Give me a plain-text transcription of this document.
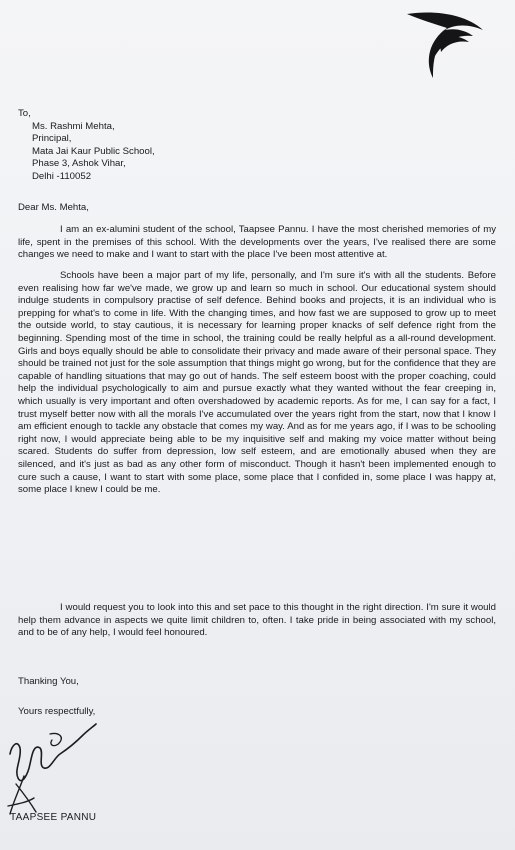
To,
Ms. Rashmi Mehta,
Principal,
Mata Jai Kaur Public School,
Phase 3, Ashok Vihar,
Delhi -110052
Dear Ms. Mehta,

I am an ex-alumini student of the school, Taapsee Pannu. I have the most cherished memories of my life, spent in the premises of this school. With the developments over the years, I've realised there are some changes we need to make and I want to start with the place I've been most attentive at.

Schools have been a major part of my life, personally, and I'm sure it's with all the students. Before even realising how far we've made, we grow up and learn so much in school. Our educational system should indulge students in compulsory practise of self defence. Behind books and projects, it is an individual who is prepping for what's to come in life. With the changing times, and how fast we are supposed to grow up to meet the outside world, to stay cautious, it is necessary for learning proper knacks of self defence right from the beginning. Spending most of the time in school, the training could be really helpful as a all-round development. Girls and boys equally should be able to consolidate their privacy and made aware of their personal space. They should be trained not just for the sole assumption that things might go wrong, but for the confidence that they are capable of handling situations that may go out of hands. The self esteem boost with the proper coaching, could help the individual psychologically to aim and pursue exactly what they wanted without the fear creeping in, which usually is very important and often overshadowed by academic reports. As for me, I can say for a fact, I trust myself better now with all the morals I've accumulated over the years right from the start, now that I know I am efficient enough to tackle any obstacle that comes my way. And as for me years ago, if I was to be schooling right now, I would appreciate being able to be my inquisitive self and making my voice matter without being scared. Students do suffer from depression, low self esteem, and are emotionally abused when they are silenced, and it's just as bad as any other form of misconduct. Though it hasn't been implemented enough to cure such a cause, I want to start with some place, some place that I confided in, some place I was happy at, some place I knew I could be me.

I would request you to look into this and set pace to this thought in the right direction. I'm sure it would help them advance in aspects we quite limit children to, often. I take pride in being associated with my school, and to be of any help, I would feel honoured.

Thanking You,
Yours respectfully,
TAAPSEE PANNU
